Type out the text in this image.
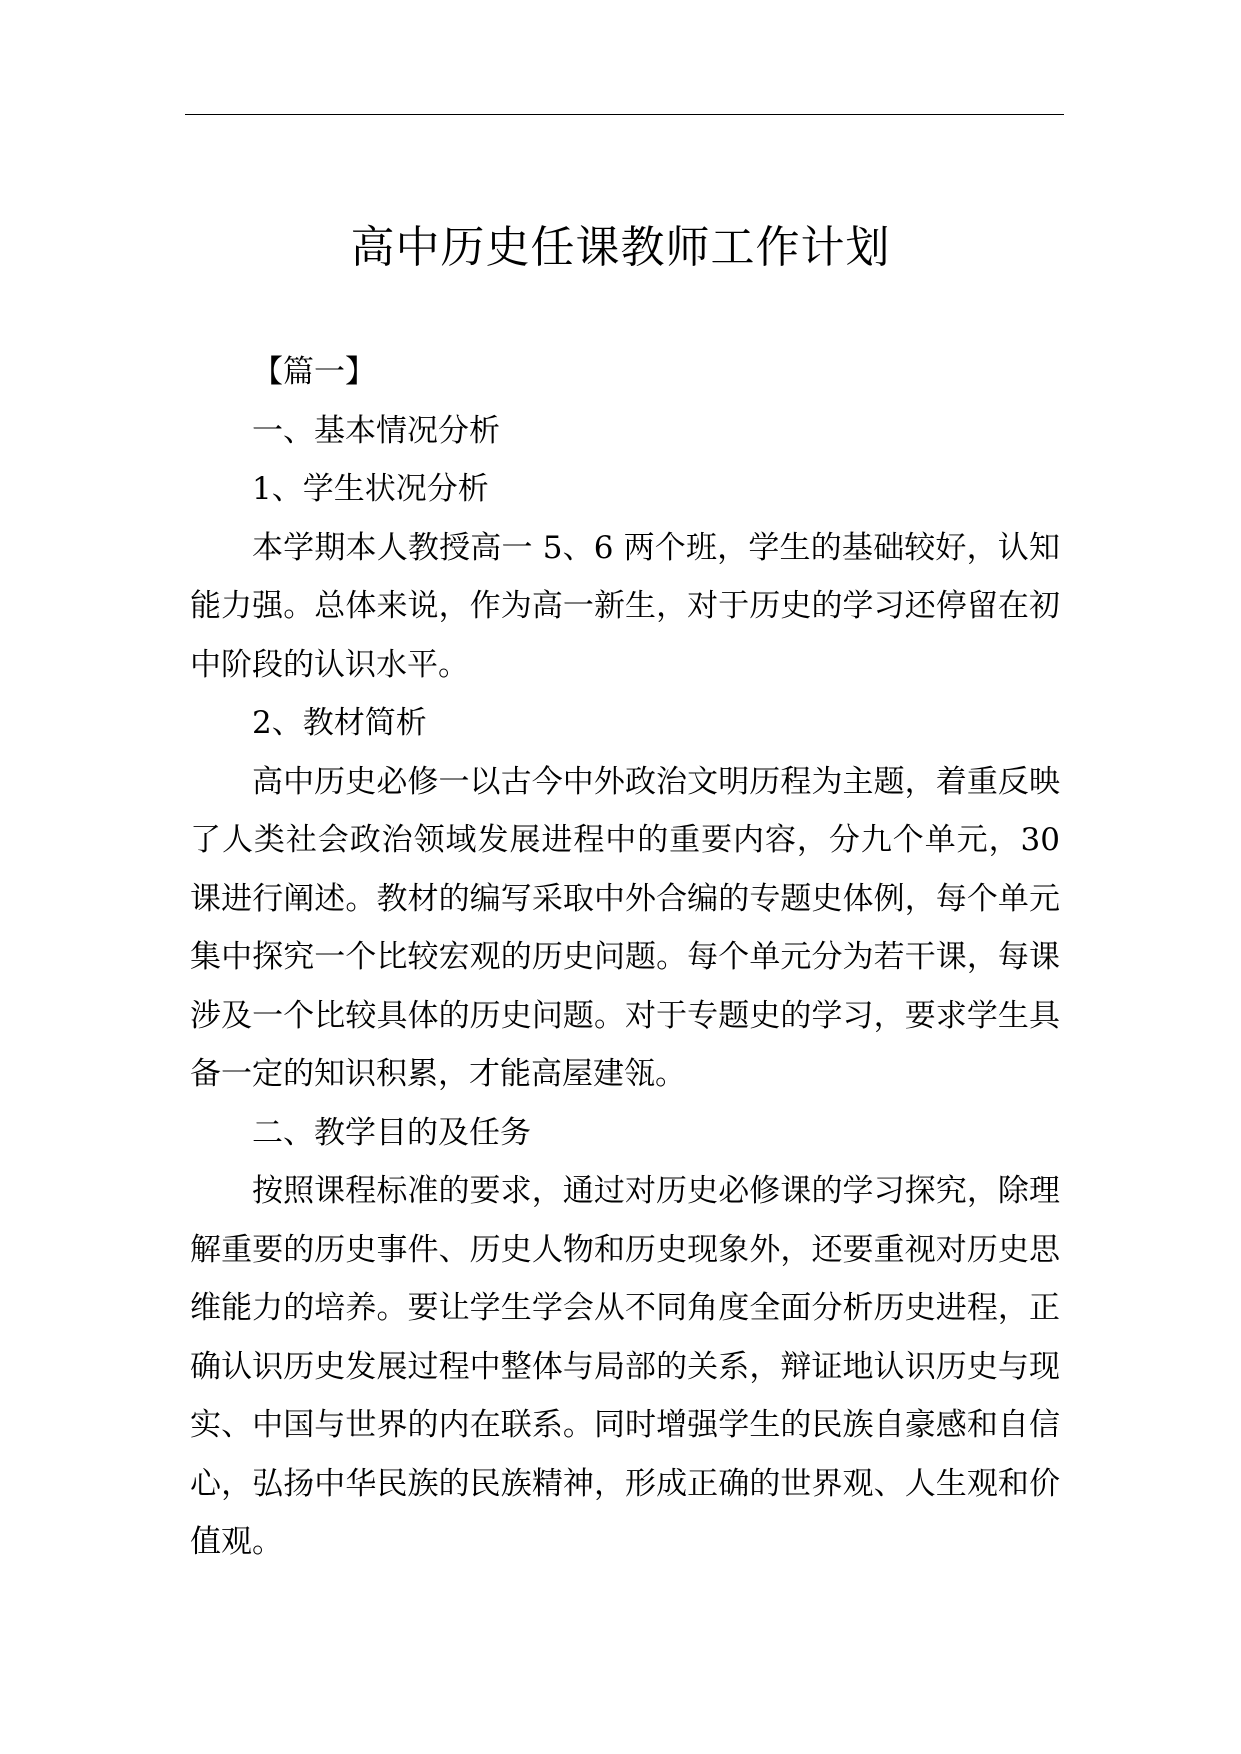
高中历史任课教师工作计划

【篇一】

一、基本情况分析

1、学生状况分析

本学期本人教授高一 5、6 两个班，学生的基础较好，认知能力强。总体来说，作为高一新生，对于历史的学习还停留在初中阶段的认识水平。

2、教材简析

高中历史必修一以古今中外政治文明历程为主题，着重反映了人类社会政治领域发展进程中的重要内容，分九个单元，30 课进行阐述。教材的编写采取中外合编的专题史体例，每个单元集中探究一个比较宏观的历史问题。每个单元分为若干课，每课涉及一个比较具体的历史问题。对于专题史的学习，要求学生具备一定的知识积累，才能高屋建瓴。

二、教学目的及任务

按照课程标准的要求，通过对历史必修课的学习探究，除理解重要的历史事件、历史人物和历史现象外，还要重视对历史思维能力的培养。要让学生学会从不同角度全面分析历史进程，正确认识历史发展过程中整体与局部的关系，辩证地认识历史与现实、中国与世界的内在联系。同时增强学生的民族自豪感和自信心，弘扬中华民族的民族精神，形成正确的世界观、人生观和价值观。
